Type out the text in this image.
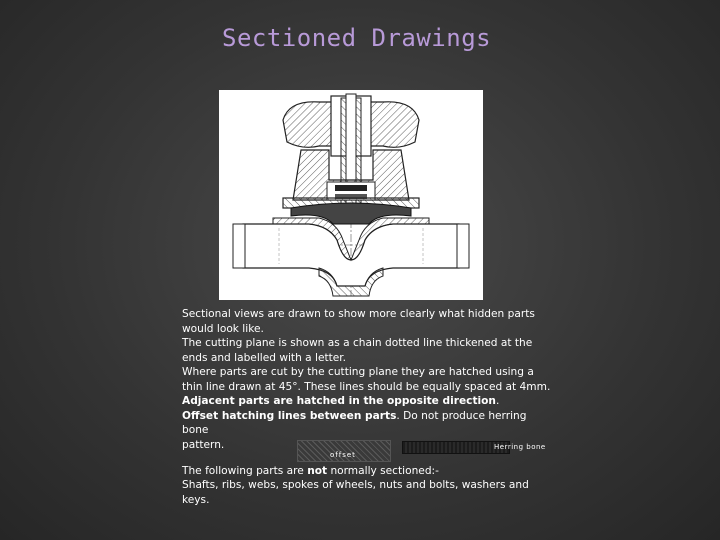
Sectioned Drawings

Sectional views are drawn to show more clearly what hidden parts would look like.

The cutting plane is shown as a chain dotted line thickened at the ends and labelled with a letter.

Where parts are cut by the cutting plane they are hatched using a thin line drawn at 45°. These lines should be equally spaced at 4mm. Adjacent parts are hatched in the opposite direction.

Offset hatching lines between parts. Do not produce herring bone

pattern.
offset
Herring bone

The following parts are not normally sectioned:-

Shafts, ribs, webs, spokes of wheels, nuts and bolts, washers and keys.
